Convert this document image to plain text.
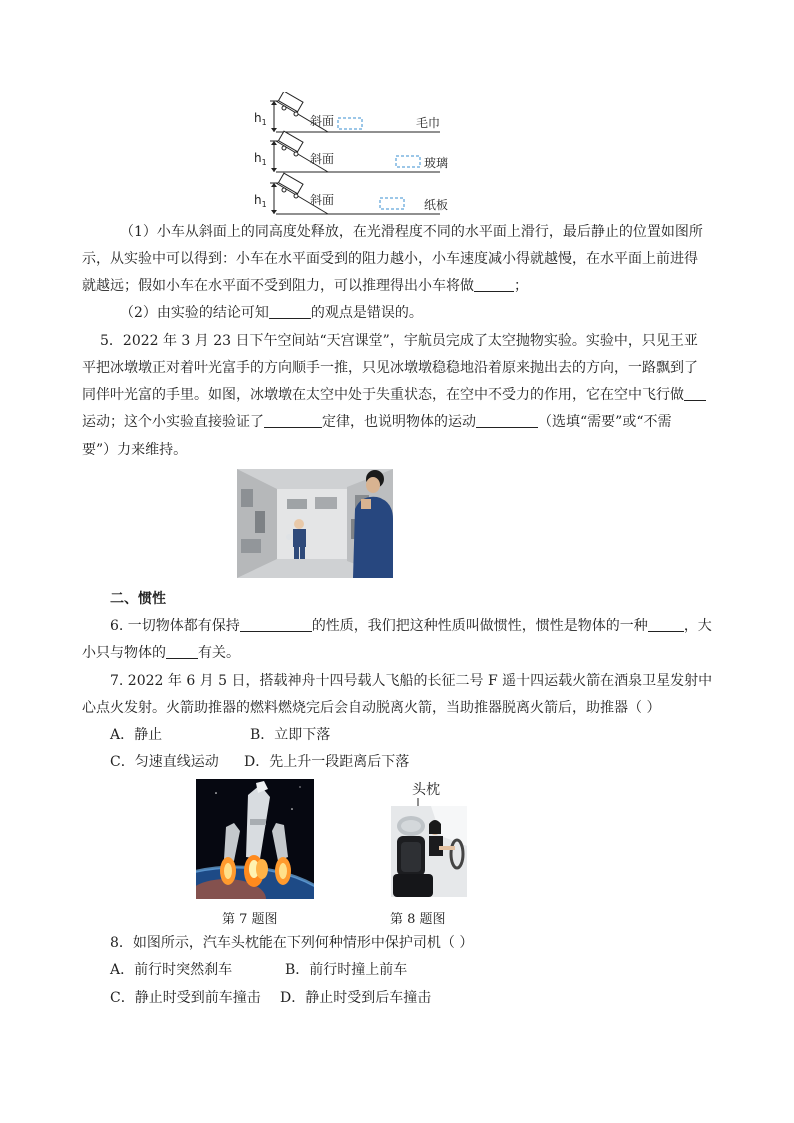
$h_1$	斜面	毛巾
$h_1$	斜面	玻璃
$h_1$	斜面	纸板
（1）小车从斜面上的同高度处释放，在光滑程度不同的水平面上滑行，最后静止的位置如图所
示，从实验中可以得到：小车在水平面受到的阻力越小，小车速度减小得就越慢，在水平面上前进得
就越远；假如小车在水平面不受到阻力，可以推理得出小车将做	；
（2）由实验的结论可知	的观点是错误的。
5．2022 年 3 月 23 日下午空间站“天宫课堂”，宇航员完成了太空抛物实验。实验中，只见王亚
平把冰墩墩正对着叶光富手的方向顺手一推，只见冰墩墩稳稳地沿着原来抛出去的方向，一路飘到了
同伴叶光富的手里。如图，冰墩墩在太空中处于失重状态，在空中不受力的作用，它在空中飞行做
运动；这个小实验直接验证了	定律，也说明物体的运动	（选填“需要”或“不需
要”）力来维持。
二、惯性
6. 一切物体都有保持	的性质，我们把这种性质叫做惯性，惯性是物体的一种	，大
小只与物体的 有关。
7. 2022 年 6 月 5 日，搭载神舟十四号载人飞船的长征二号 F 遥十四运载火箭在酒泉卫星发射中
心点火发射。火箭助推器的燃料燃烧完后会自动脱离火箭，当助推器脱离火箭后，助推器（ ）
A．静止	B．立即下落
C．匀速直线运动 D．先上升一段距离后下落
第 7 题图
头枕
第 8 题图
8．如图所示，汽车头枕能在下列何种情形中保护司机（ ）
A．前行时突然刹车	B．前行时撞上前车
C．静止时受到前车撞击 D．静止时受到后车撞击
